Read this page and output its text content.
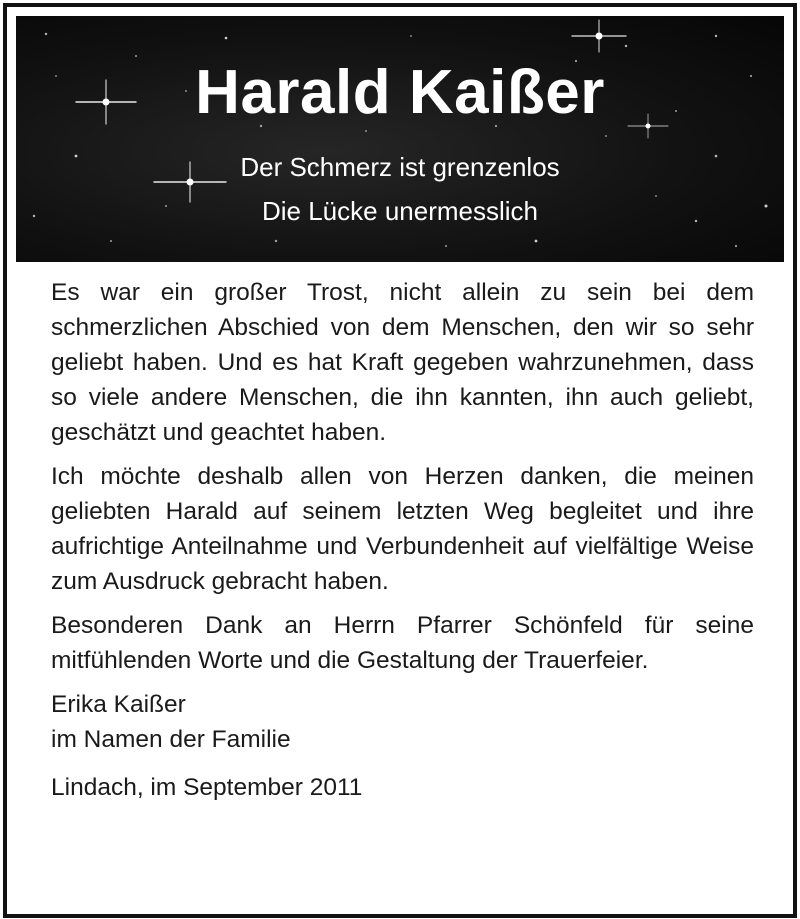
Harald Kaißer
Der Schmerz ist grenzenlos
Die Lücke unermesslich

Es war ein großer Trost, nicht allein zu sein bei dem schmerzlichen Abschied von dem Menschen, den wir so sehr geliebt haben. Und es hat Kraft gegeben wahrzunehmen, dass so viele andere Menschen, die ihn kannten, ihn auch geliebt, geschätzt und geachtet haben.

Ich möchte deshalb allen von Herzen danken, die meinen geliebten Harald auf seinem letzten Weg begleitet und ihre aufrichtige Anteilnahme und Verbundenheit auf vielfältige Weise zum Ausdruck gebracht haben.

Besonderen Dank an Herrn Pfarrer Schönfeld für seine mitfühlenden Worte und die Gestaltung der Trauerfeier.

Erika Kaißer
im Namen der Familie

Lindach, im September 2011
